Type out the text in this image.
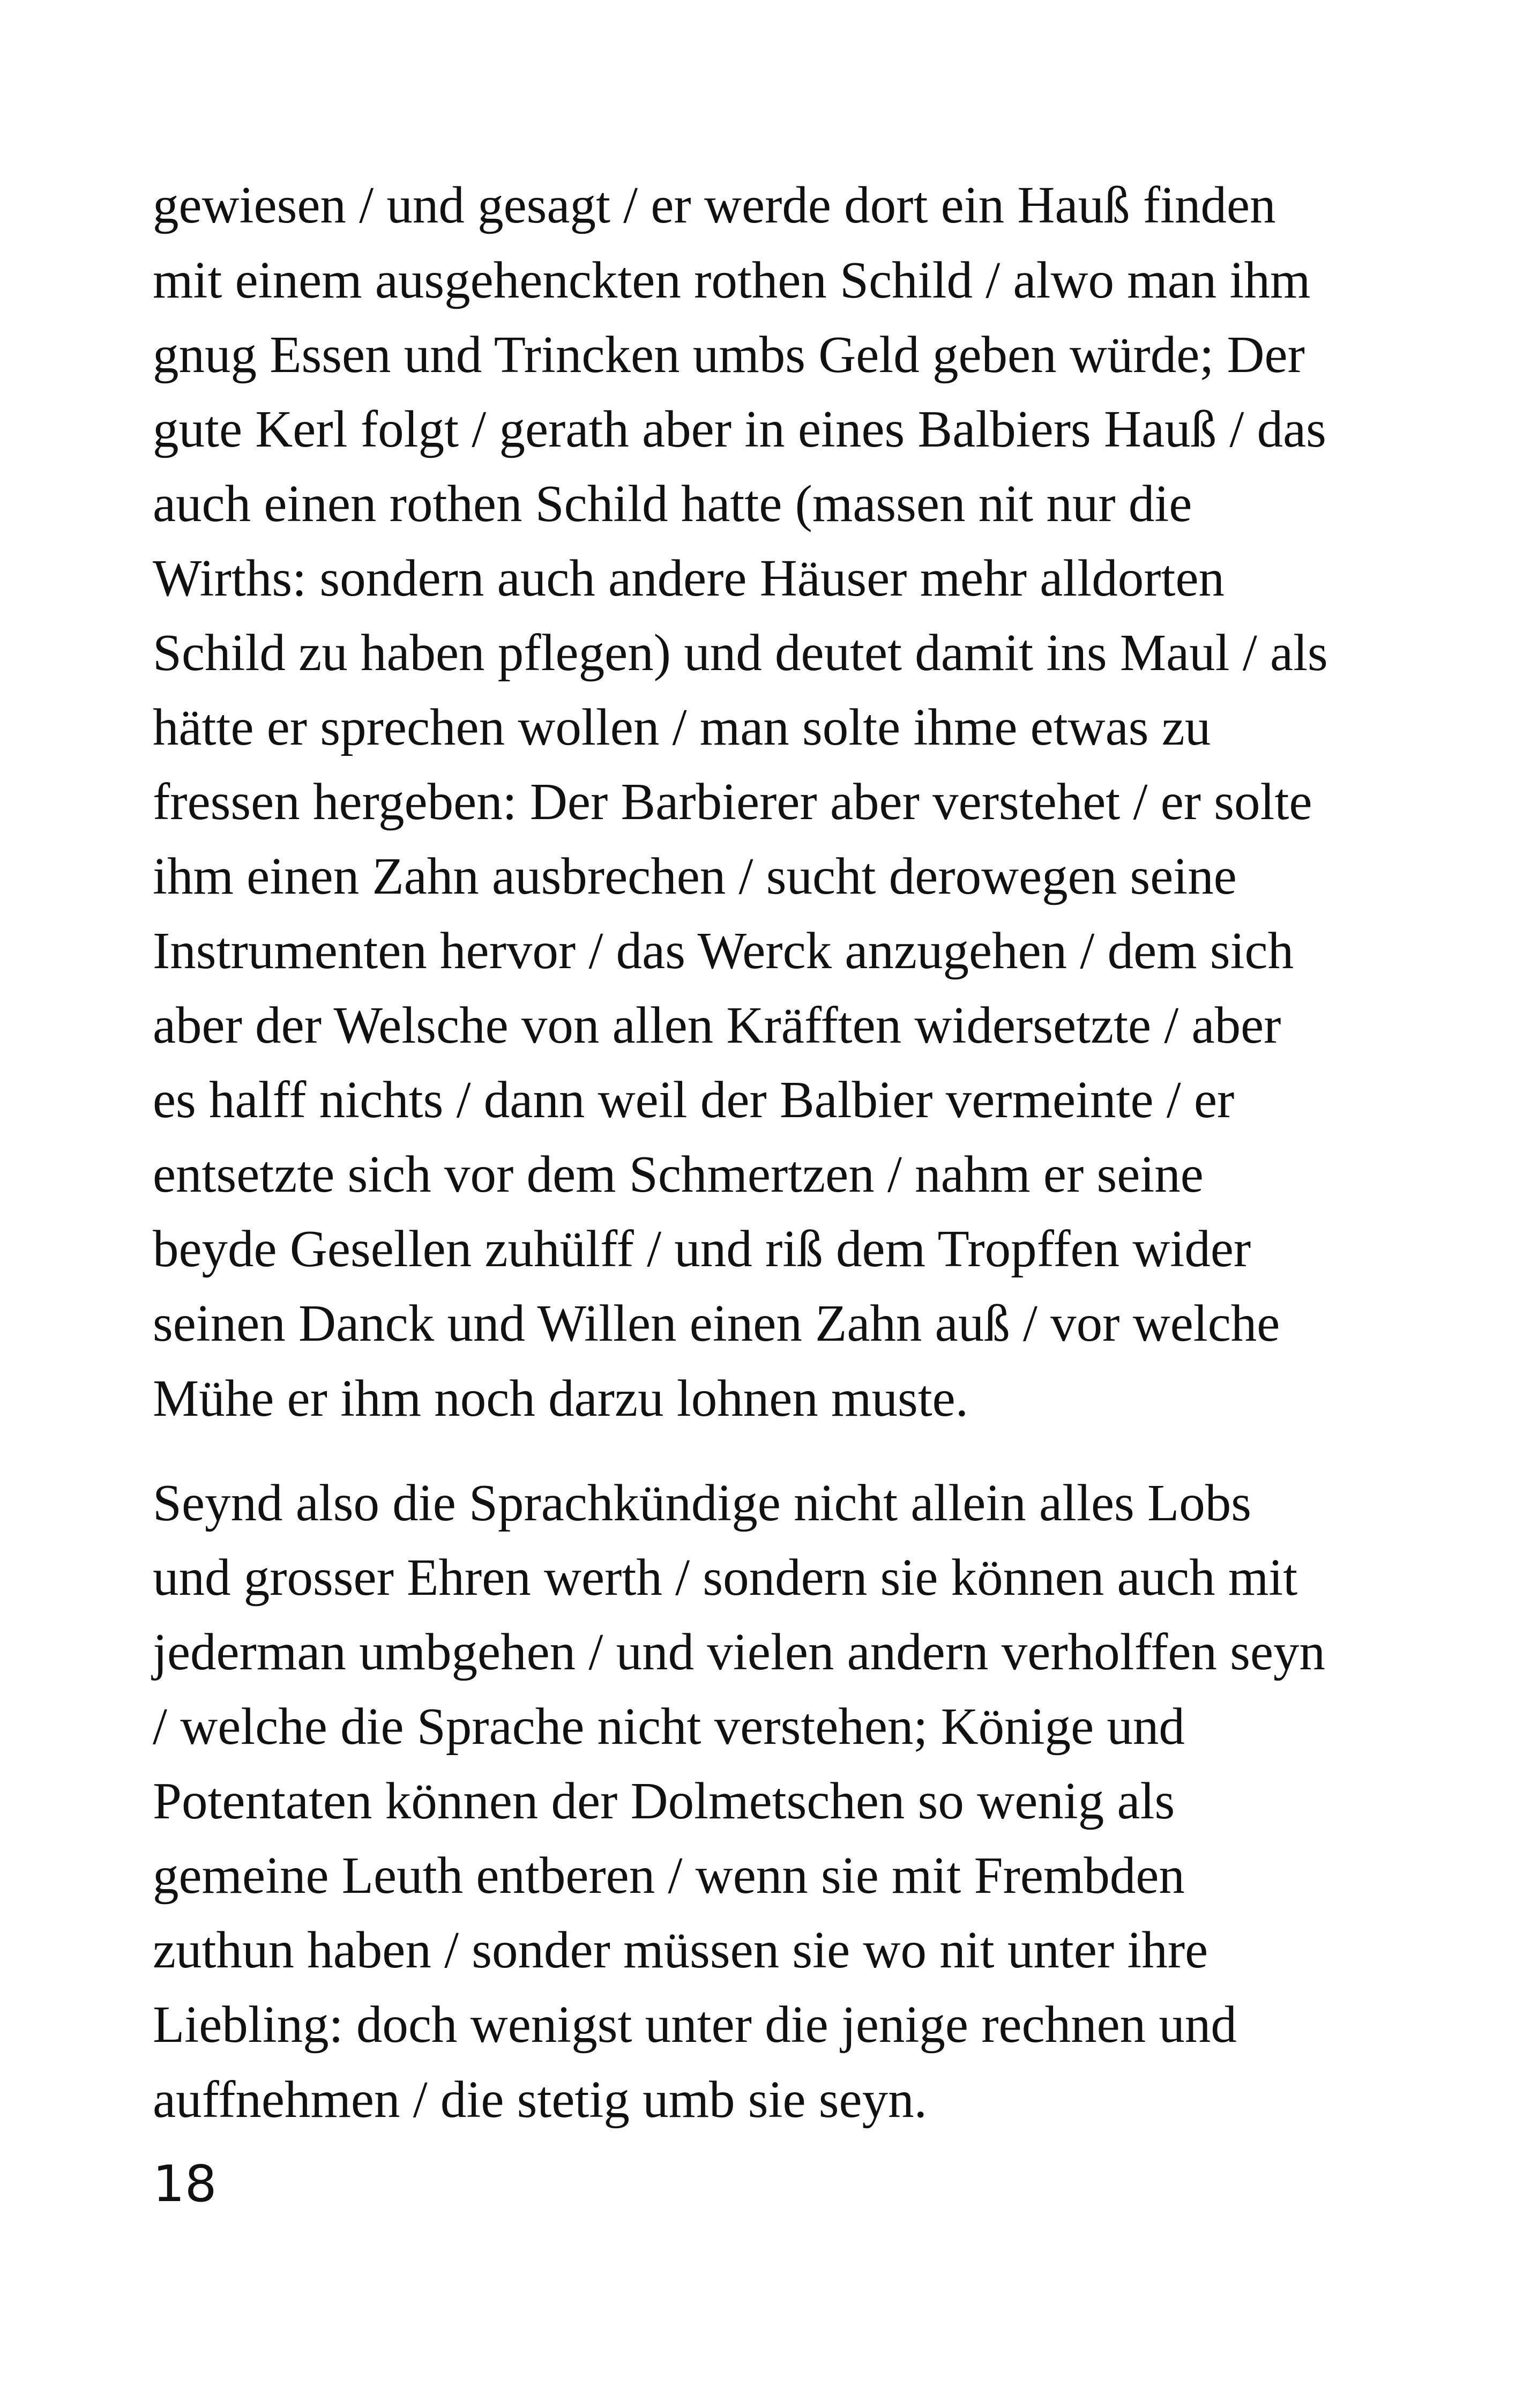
gewiesen / und gesagt / er werde dort ein Hauß finden
mit einem ausgehenckten rothen Schild / alwo man ihm
gnug Essen und Trincken umbs Geld geben würde; Der
gute Kerl folgt / gerath aber in eines Balbiers Hauß / das
auch einen rothen Schild hatte (massen nit nur die
Wirths: sondern auch andere Häuser mehr alldorten
Schild zu haben pflegen) und deutet damit ins Maul / als
hätte er sprechen wollen / man solte ihme etwas zu
fressen hergeben: Der Barbierer aber verstehet / er solte
ihm einen Zahn ausbrechen / sucht derowegen seine
Instrumenten hervor / das Werck anzugehen / dem sich
aber der Welsche von allen Kräfften widersetzte / aber
es halff nichts / dann weil der Balbier vermeinte / er
entsetzte sich vor dem Schmertzen / nahm er seine
beyde Gesellen zuhülff / und riß dem Tropffen wider
seinen Danck und Willen einen Zahn auß / vor welche
Mühe er ihm noch darzu lohnen muste.
Seynd also die Sprachkündige nicht allein alles Lobs
und grosser Ehren werth / sondern sie können auch mit
jederman umbgehen / und vielen andern verholffen seyn
/ welche die Sprache nicht verstehen; Könige und
Potentaten können der Dolmetschen so wenig als
gemeine Leuth entberen / wenn sie mit Frembden
zuthun haben / sonder müssen sie wo nit unter ihre
Liebling: doch wenigst unter die jenige rechnen und
auffnehmen / die stetig umb sie seyn.
18
